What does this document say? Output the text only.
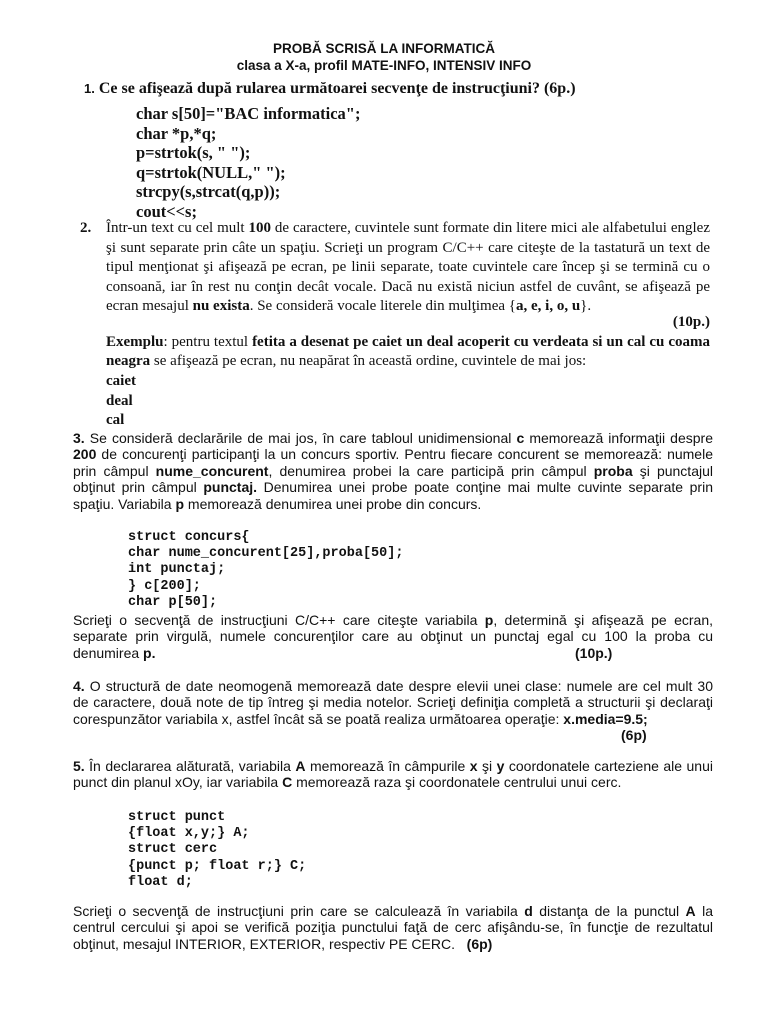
PROBĂ SCRISĂ LA INFORMATICĂ
clasa a X-a, profil MATE-INFO, INTENSIV INFO
1. Ce se afişează după rularea următoarei secvenţe de instrucţiuni? (6p.)
char s[50]="BAC informatica";
char *p,*q;
p=strtok(s, " ");
q=strtok(NULL," ");
strcpy(s,strcat(q,p));
cout<<s;
2. Într-un text cu cel mult 100 de caractere, cuvintele sunt formate din litere mici ale alfabetului englez şi sunt separate prin câte un spaţiu. Scrieţi un program C/C++ care citeşte de la tastatură un text de tipul menţionat şi afişează pe ecran, pe linii separate, toate cuvintele care încep şi se termină cu o consoană, iar în rest nu conţin decât vocale. Dacă nu există niciun astfel de cuvânt, se afişează pe ecran mesajul nu exista. Se consideră vocale literele din mulţimea {a, e, i, o, u}.
(10p.)
Exemplu: pentru textul fetita a desenat pe caiet un deal acoperit cu verdeata si un cal cu coama neagra se afişează pe ecran, nu neapărat în această ordine, cuvintele de mai jos:
caiet
deal
cal
3. Se consideră declarările de mai jos, în care tabloul unidimensional c memorează informaţii despre 200 de concurenţi participanţi la un concurs sportiv. Pentru fiecare concurent se memorează: numele prin câmpul nume_concurent, denumirea probei la care participă prin câmpul proba şi punctajul obţinut prin câmpul punctaj. Denumirea unei probe poate conţine mai multe cuvinte separate prin spaţiu. Variabila p memorează denumirea unei probe din concurs.
struct concurs{
char nume_concurent[25],proba[50];
int punctaj;
} c[200];
char p[50];
Scrieţi o secvenţă de instrucţiuni C/C++ care citeşte variabila p, determină şi afişează pe ecran, separate prin virgulă, numele concurenţilor care au obţinut un punctaj egal cu 100 la proba cu denumirea p.	(10p.)
4. O structură de date neomogenă memorează date despre elevii unei clase: numele are cel mult 30 de caractere, două note de tip întreg şi media notelor. Scrieţi definiţia completă a structurii şi declaraţi corespunzător variabila x, astfel încât să se poată realiza următoarea operaţie: x.media=9.5;
(6p)
5. În declararea alăturată, variabila A memorează în câmpurile x şi y coordonatele carteziene ale unui punct din planul xOy, iar variabila C memorează raza şi coordonatele centrului unui cerc.
struct punct
{float x,y;} A;
struct cerc
{punct p; float r;} C;
float d;
Scrieţi o secvenţă de instrucţiuni prin care se calculează în variabila d distanţa de la punctul A la centrul cercului şi apoi se verifică poziţia punctului faţă de cerc afişându-se, în funcţie de rezultatul obţinut, mesajul INTERIOR, EXTERIOR, respectiv PE CERC. (6p)
